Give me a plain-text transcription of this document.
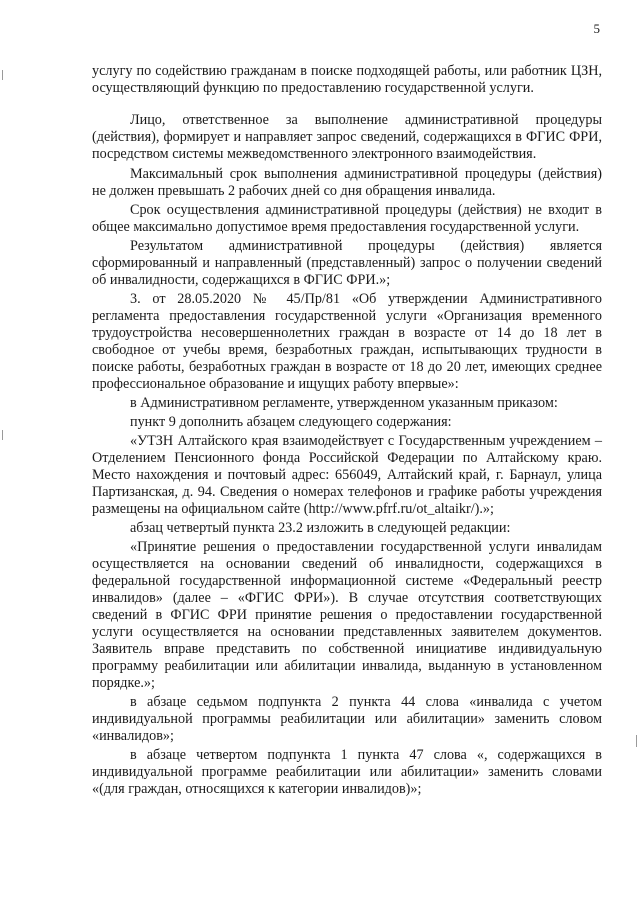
5

услугу по содействию гражданам в поиске подходящей работы, или работник ЦЗН, осуществляющий функцию по предоставлению государственной услуги.

Лицо, ответственное за выполнение административной процедуры (действия), формирует и направляет запрос сведений, содержащихся в ФГИС ФРИ, посредством системы межведомственного электронного взаимодействия.

Максимальный срок выполнения административной процедуры (действия) не должен превышать 2 рабочих дней со дня обращения инвалида.

Срок осуществления административной процедуры (действия) не входит в общее максимально допустимое время предоставления государственной услуги.

Результатом административной процедуры (действия) является сформированный и направленный (представленный) запрос о получении сведений об инвалидности, содержащихся в ФГИС ФРИ.»;

3. от 28.05.2020 № 45/Пр/81 «Об утверждении Административного регламента предоставления государственной услуги «Организация временного трудоустройства несовершеннолетних граждан в возрасте от 14 до 18 лет в свободное от учебы время, безработных граждан, испытывающих трудности в поиске работы, безработных граждан в возрасте от 18 до 20 лет, имеющих среднее профессиональное образование и ищущих работу впервые»:

в Административном регламенте, утвержденном указанным приказом:

пункт 9 дополнить абзацем следующего содержания:

«УТЗН Алтайского края взаимодействует с Государственным учреждением – Отделением Пенсионного фонда Российской Федерации по Алтайскому краю. Место нахождения и почтовый адрес: 656049, Алтайский край, г. Барнаул, улица Партизанская, д. 94. Сведения о номерах телефонов и графике работы учреждения размещены на официальном сайте (http://www.pfrf.ru/ot_altaikr/).»;

абзац четвертый пункта 23.2 изложить в следующей редакции:

«Принятие решения о предоставлении государственной услуги инвалидам осуществляется на основании сведений об инвалидности, содержащихся в федеральной государственной информационной системе «Федеральный реестр инвалидов» (далее – «ФГИС ФРИ»). В случае отсутствия соответствующих сведений в ФГИС ФРИ принятие решения о предоставлении государственной услуги осуществляется на основании представленных заявителем документов. Заявитель вправе представить по собственной инициативе индивидуальную программу реабилитации или абилитации инвалида, выданную в установленном порядке.»;

в абзаце седьмом подпункта 2 пункта 44 слова «инвалида с учетом индивидуальной программы реабилитации или абилитации» заменить словом «инвалидов»;

в абзаце четвертом подпункта 1 пункта 47 слова «, содержащихся в индивидуальной программе реабилитации или абилитации» заменить словами «(для граждан, относящихся к категории инвалидов)»;
